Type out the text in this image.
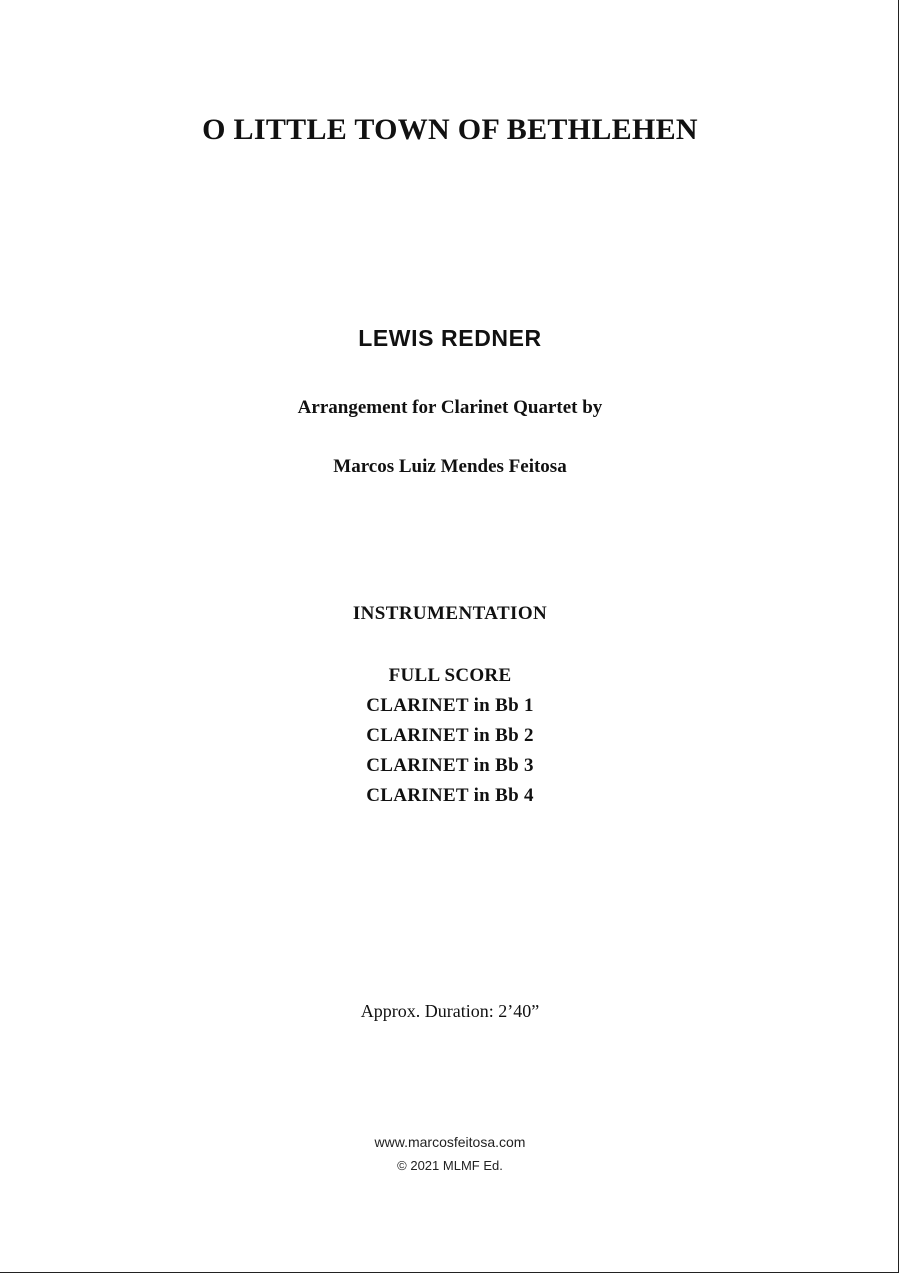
O LITTLE TOWN OF BETHLEHEN
LEWIS REDNER
Arrangement for Clarinet Quartet by
Marcos Luiz Mendes Feitosa
INSTRUMENTATION
FULL SCORE
CLARINET in Bb 1
CLARINET in Bb 2
CLARINET in Bb 3
CLARINET in Bb 4
Approx. Duration: 2’40”
www.marcosfeitosa.com
© 2021 MLMF Ed.
